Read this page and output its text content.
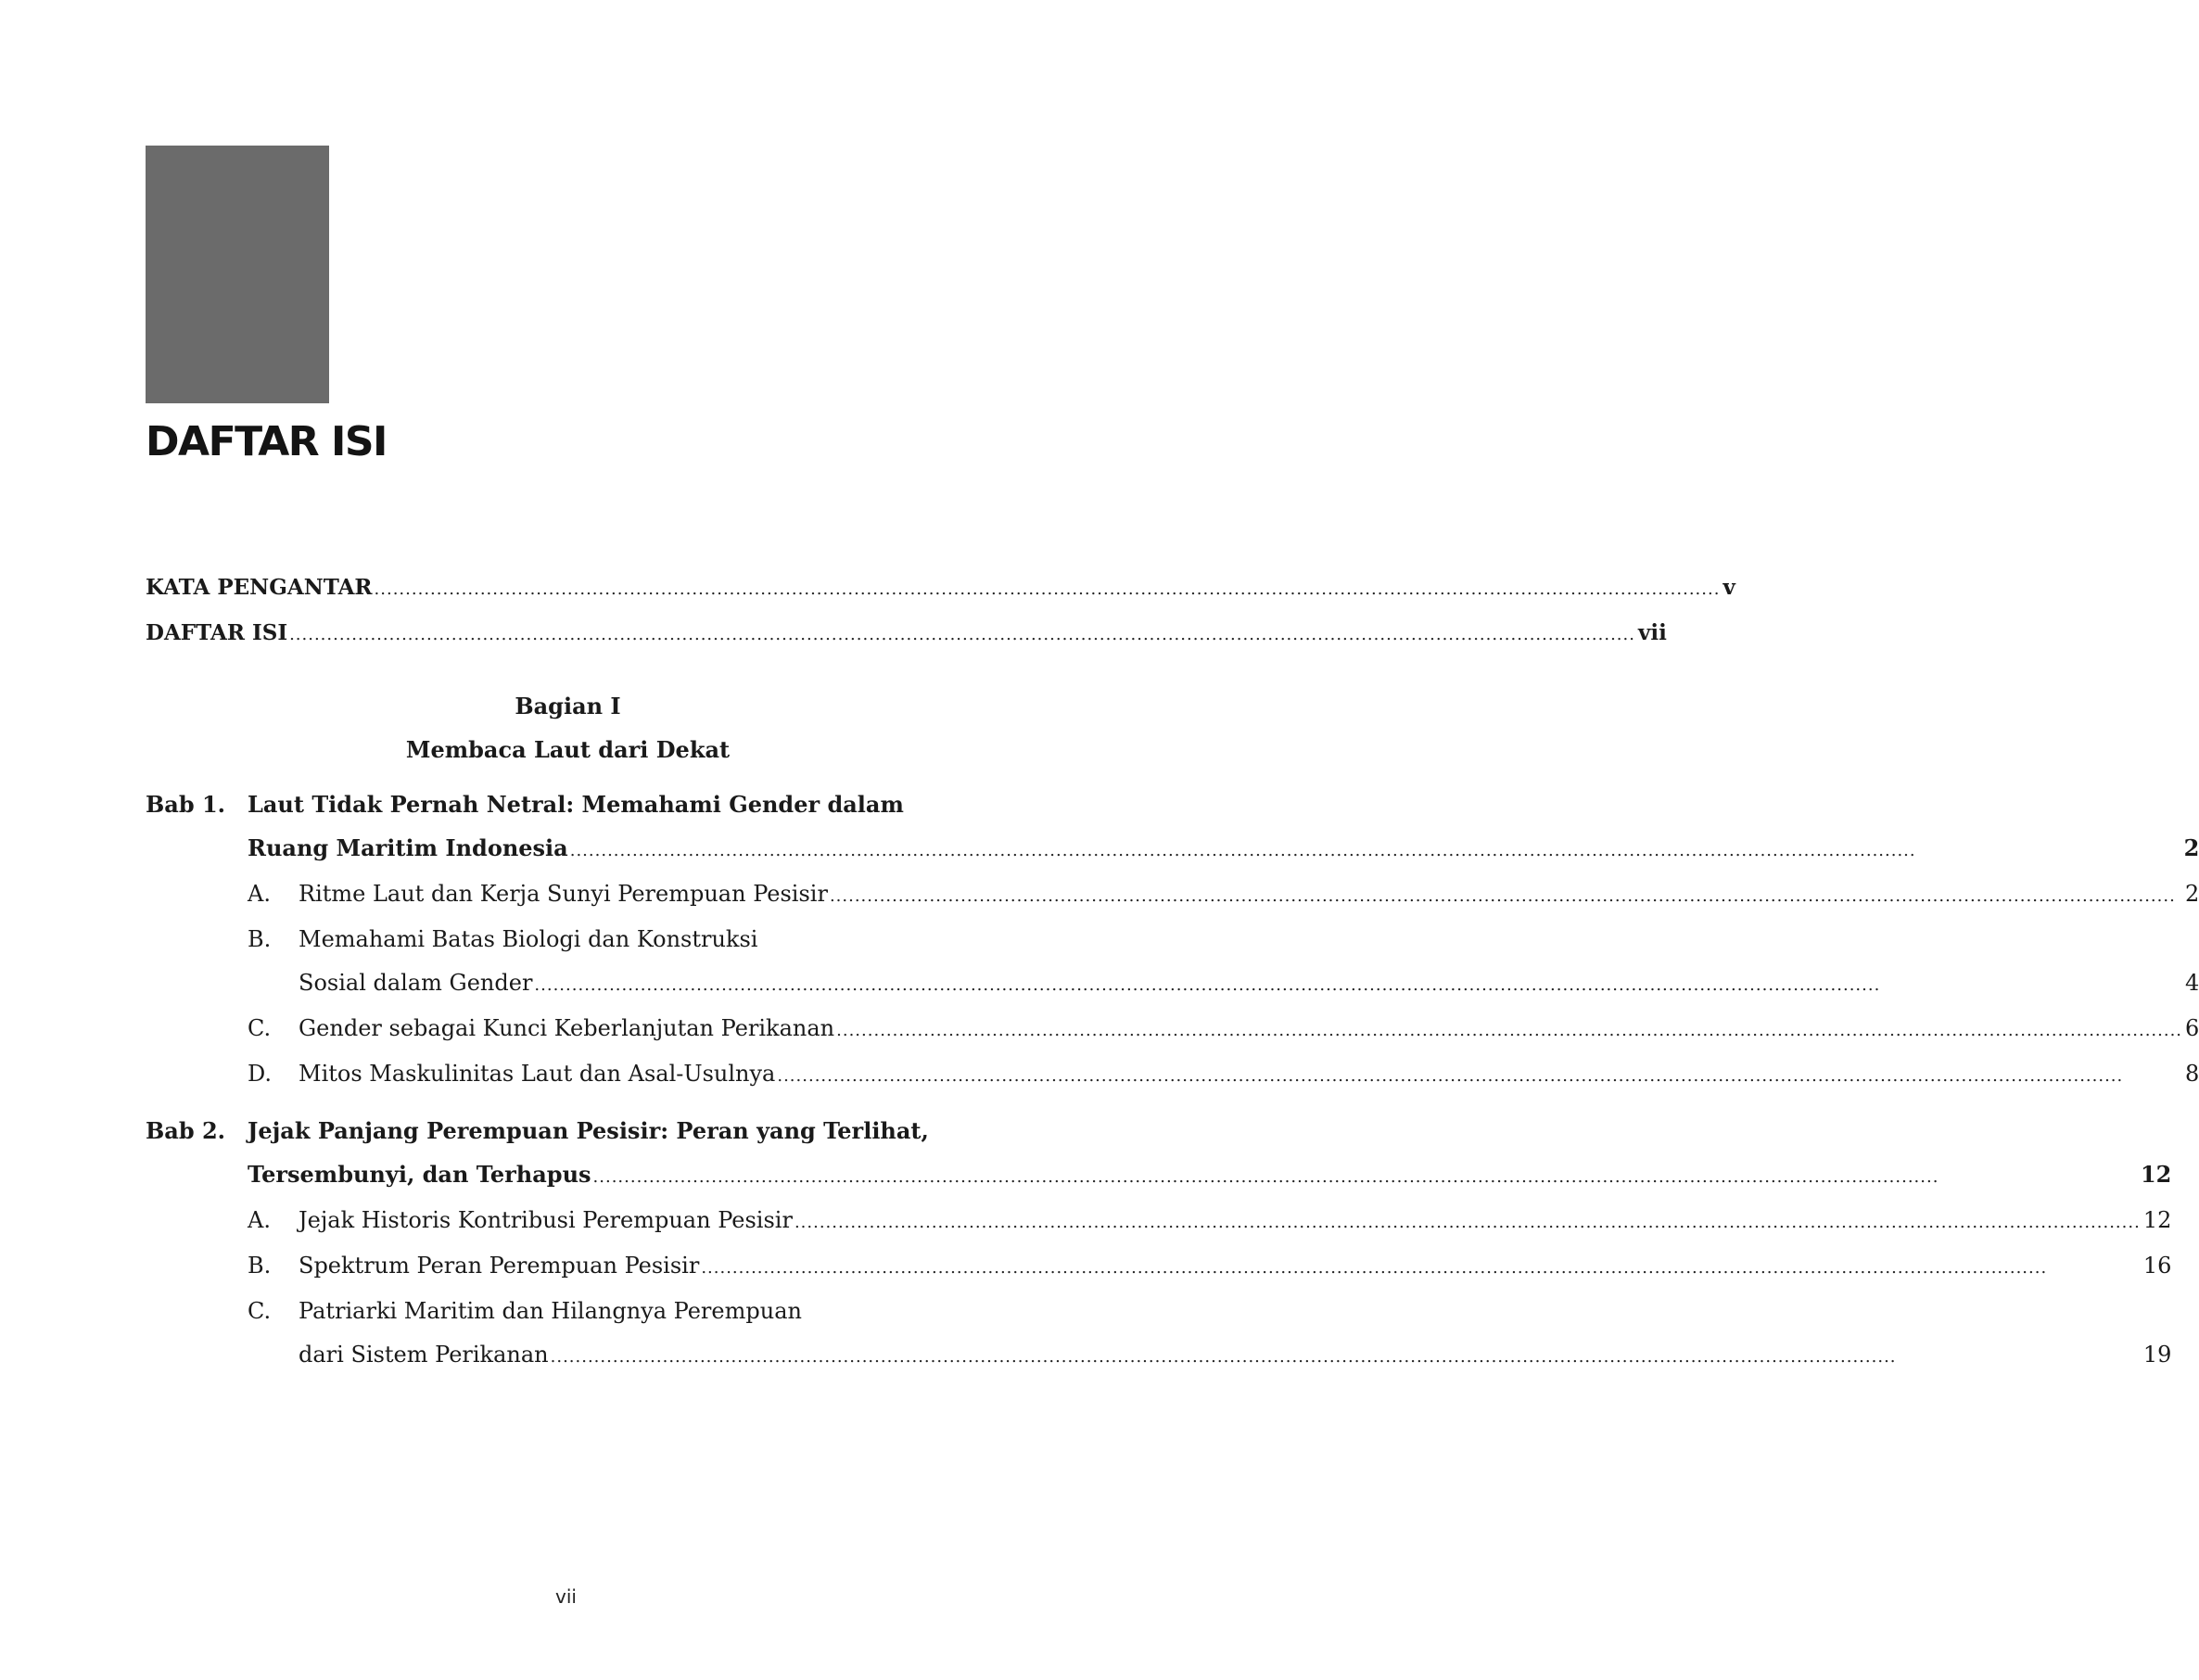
DAFTAR ISI
KATA PENGANTAR .....	v
DAFTAR ISI .....	vii
Bagian I
Membaca Laut dari Dekat
Bab 1. Laut Tidak Pernah Netral: Memahami Gender dalam
Ruang Maritim Indonesia .....	2
A.	Ritme Laut dan Kerja Sunyi Perempuan Pesisir .....	2
B.	Memahami Batas Biologi dan Konstruksi
Sosial dalam Gender .....	4
C.	Gender sebagai Kunci Keberlanjutan Perikanan .....	6
D.	Mitos Maskulinitas Laut dan Asal-Usulnya .....	8
Bab 2. Jejak Panjang Perempuan Pesisir: Peran yang Terlihat,
Tersembunyi, dan Terhapus .....	12
A.	Jejak Historis Kontribusi Perempuan Pesisir .....	12
B.	Spektrum Peran Perempuan Pesisir .....	16
C.	Patriarki Maritim dan Hilangnya Perempuan
dari Sistem Perikanan .....	19
vii
